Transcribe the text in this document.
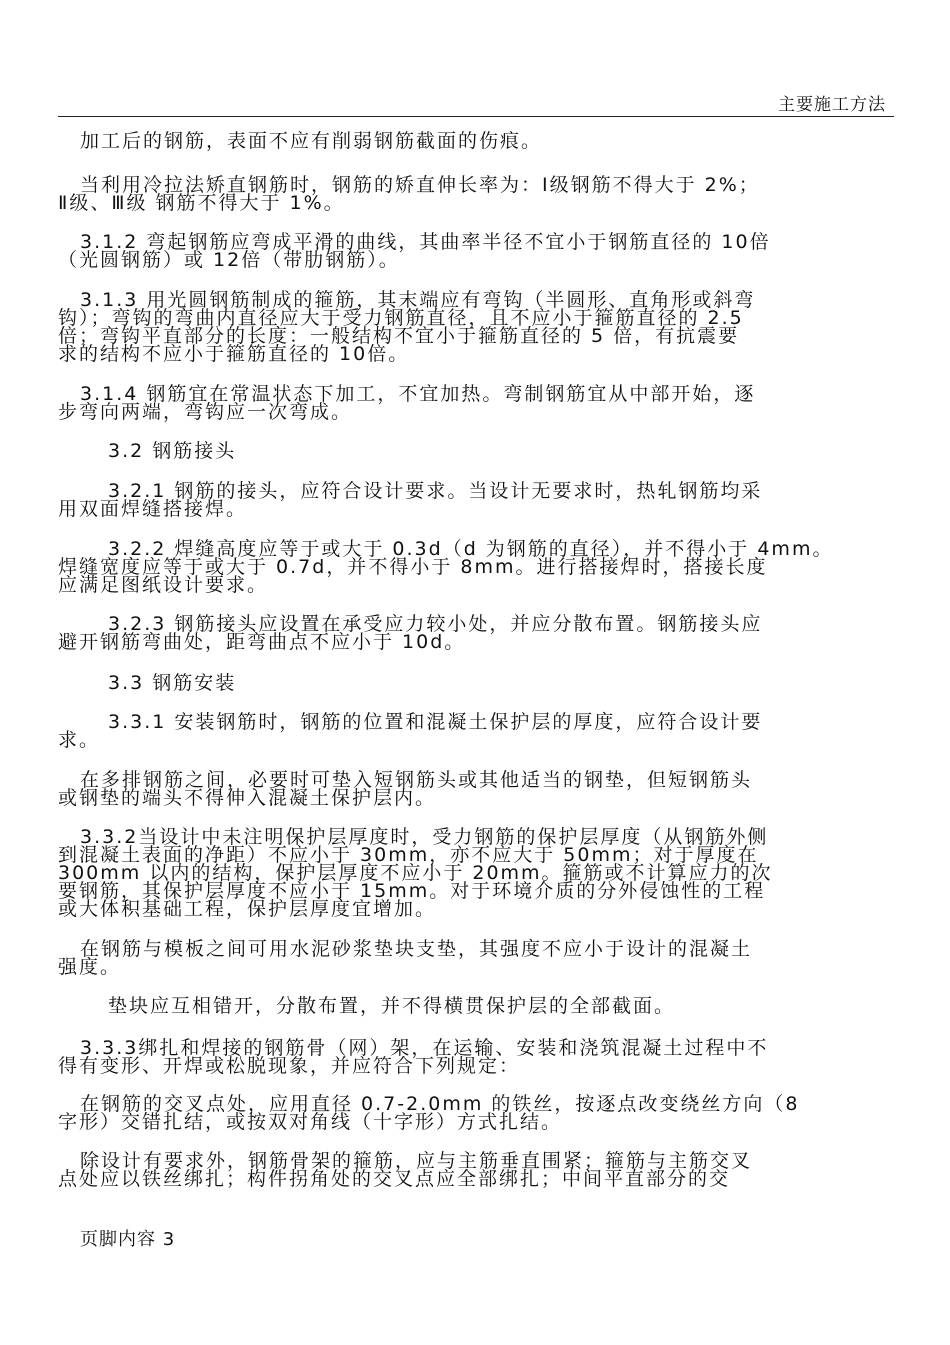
主要施工方法
加工后的钢筋，表面不应有削弱钢筋截面的伤痕。
当利用冷拉法矫直钢筋时，钢筋的矫直伸长率为：Ⅰ级钢筋不得大于 2%；
Ⅱ级、Ⅲ级 钢筋不得大于 1%。
3.1.2 弯起钢筋应弯成平滑的曲线，其曲率半径不宜小于钢筋直径的 10倍
（光圆钢筋）或 12倍（带肋钢筋）。
3.1.3 用光圆钢筋制成的箍筋，其末端应有弯钩（半圆形、直角形或斜弯
钩）；弯钩的弯曲内直径应大于受力钢筋直径，且不应小于箍筋直径的 2.5
倍；弯钩平直部分的长度：一般结构不宜小于箍筋直径的 5 倍，有抗震要
求的结构不应小于箍筋直径的 10倍。
3.1.4 钢筋宜在常温状态下加工，不宜加热。弯制钢筋宜从中部开始，逐
步弯向两端，弯钩应一次弯成。
3.2 钢筋接头
3.2.1 钢筋的接头，应符合设计要求。当设计无要求时，热轧钢筋均采
用双面焊缝搭接焊。
3.2.2 焊缝高度应等于或大于 0.3d（d 为钢筋的直径），并不得小于 4mm。
焊缝宽度应等于或大于 0.7d，并不得小于 8mm。进行搭接焊时，搭接长度
应满足图纸设计要求。
3.2.3 钢筋接头应设置在承受应力较小处，并应分散布置。钢筋接头应
避开钢筋弯曲处，距弯曲点不应小于 10d。
3.3 钢筋安装
3.3.1 安装钢筋时，钢筋的位置和混凝土保护层的厚度，应符合设计要
求。
在多排钢筋之间，必要时可垫入短钢筋头或其他适当的钢垫，但短钢筋头
或钢垫的端头不得伸入混凝土保护层内。
3.3.2当设计中未注明保护层厚度时，受力钢筋的保护层厚度（从钢筋外侧
到混凝土表面的净距）不应小于 30mm，亦不应大于 50mm；对于厚度在
300mm 以内的结构，保护层厚度不应小于 20mm。箍筋或不计算应力的次
要钢筋，其保护层厚度不应小于 15mm。对于环境介质的分外侵蚀性的工程
或大体积基础工程，保护层厚度宜增加。
在钢筋与模板之间可用水泥砂浆垫块支垫，其强度不应小于设计的混凝土
强度。
垫块应互相错开，分散布置，并不得横贯保护层的全部截面。
3.3.3绑扎和焊接的钢筋骨（网）架，在运输、安装和浇筑混凝土过程中不
得有变形、开焊或松脱现象，并应符合下列规定：
在钢筋的交叉点处，应用直径 0.7-2.0mm 的铁丝，按逐点改变绕丝方向（8
字形）交错扎结，或按双对角线（十字形）方式扎结。
除设计有要求外，钢筋骨架的箍筋，应与主筋垂直围紧；箍筋与主筋交叉
点处应以铁丝绑扎；构件拐角处的交叉点应全部绑扎；中间平直部分的交
页脚内容 3
